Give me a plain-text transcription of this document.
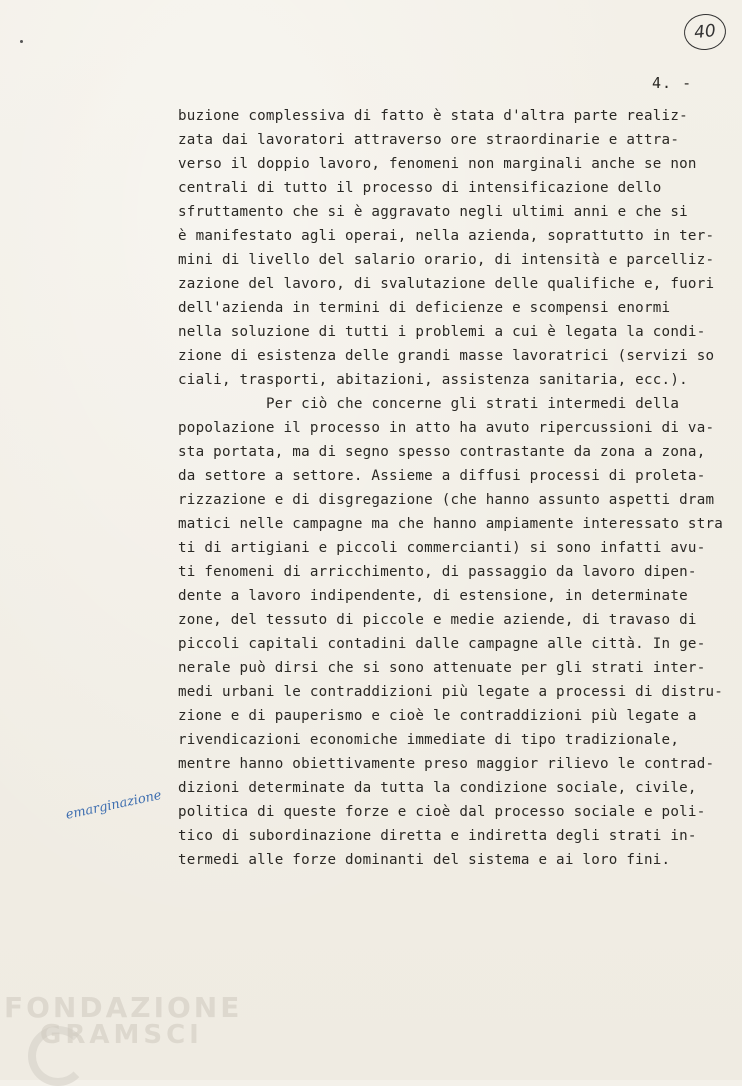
40
4. -
buzione complessiva di fatto è stata d'altra parte realiz-
zata dai lavoratori attraverso ore straordinarie e attra-
verso il doppio lavoro, fenomeni non marginali anche se non
centrali di tutto il processo di intensificazione dello
sfruttamento che si è aggravato negli ultimi anni e che si
è manifestato agli operai, nella azienda, soprattutto in ter-
mini di livello del salario orario, di intensità e parcelliz-
zazione del lavoro, di svalutazione delle qualifiche e, fuori
dell'azienda in termini di deficienze e scompensi enormi
nella soluzione di tutti i problemi a cui è legata la condi-
zione di esistenza delle grandi masse lavoratrici (servizi so
ciali, trasporti, abitazioni, assistenza sanitaria, ecc.).
Per ciò che concerne gli strati intermedi della
popolazione il processo in atto ha avuto ripercussioni di va-
sta portata, ma di segno spesso contrastante da zona a zona,
da settore a settore. Assieme a diffusi processi di proleta-
rizzazione e di disgregazione (che hanno assunto aspetti dram
matici nelle campagne ma che hanno ampiamente interessato stra
ti di artigiani e piccoli commercianti) si sono infatti avu-
ti fenomeni di arricchimento, di passaggio da lavoro dipen-
dente a lavoro indipendente, di estensione, in determinate
zone, del tessuto di piccole e medie aziende, di travaso di
piccoli capitali contadini dalle campagne alle città. In ge-
nerale può dirsi che si sono attenuate per gli strati inter-
medi urbani le contraddizioni più legate a processi di distru-
zione e di pauperismo e cioè le contraddizioni più legate a
rivendicazioni economiche immediate di tipo tradizionale,
mentre hanno obiettivamente preso maggior rilievo le contrad-
dizioni determinate da tutta la condizione sociale, civile,
politica di queste forze e cioè dal processo sociale e poli-
tico di subordinazione diretta e indiretta degli strati in-
termedi alle forze dominanti del sistema e ai loro fini.
emarginazione
FONDAZIONE
GRAMSCI
